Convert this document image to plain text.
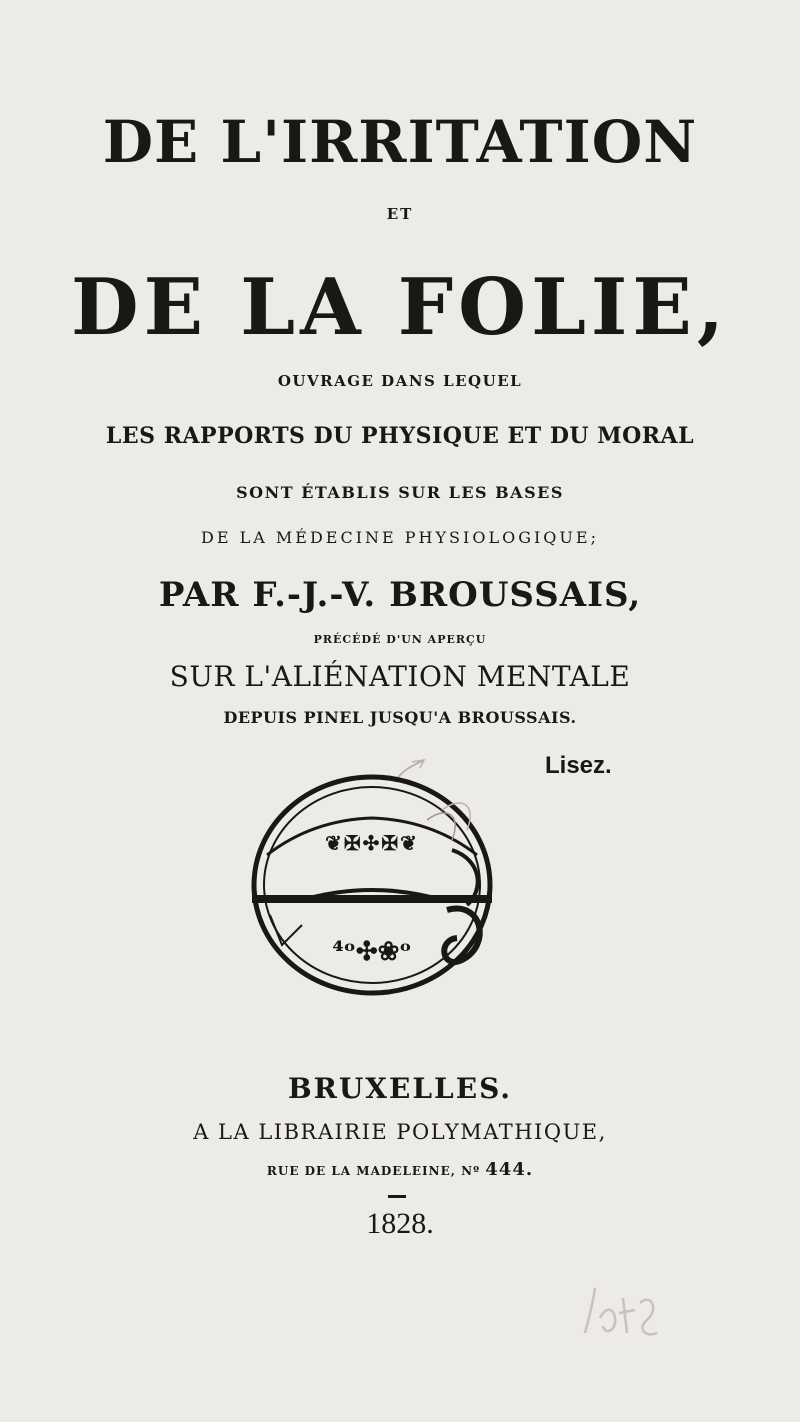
DE L'IRRITATION
ET
DE LA FOLIE,
OUVRAGE DANS LEQUEL
LES RAPPORTS DU PHYSIQUE ET DU MORAL
SONT ÉTABLIS SUR LES BASES
DE LA MÉDECINE PHYSIOLOGIQUE;
PAR F.-J.-V. BROUSSAIS,
PRÉCÉDÉ D'UN APERÇU
SUR L'ALIÉNATION MENTALE
DEPUIS PINEL JUSQU'A BROUSSAIS.
Lisez.
❦✠✣✠❦
⁴ᵒ✣❀ᵒ
BRUXELLES.
A LA LIBRAIRIE POLYMATHIQUE,
RUE DE LA MADELEINE, Nº 444.
1828.
